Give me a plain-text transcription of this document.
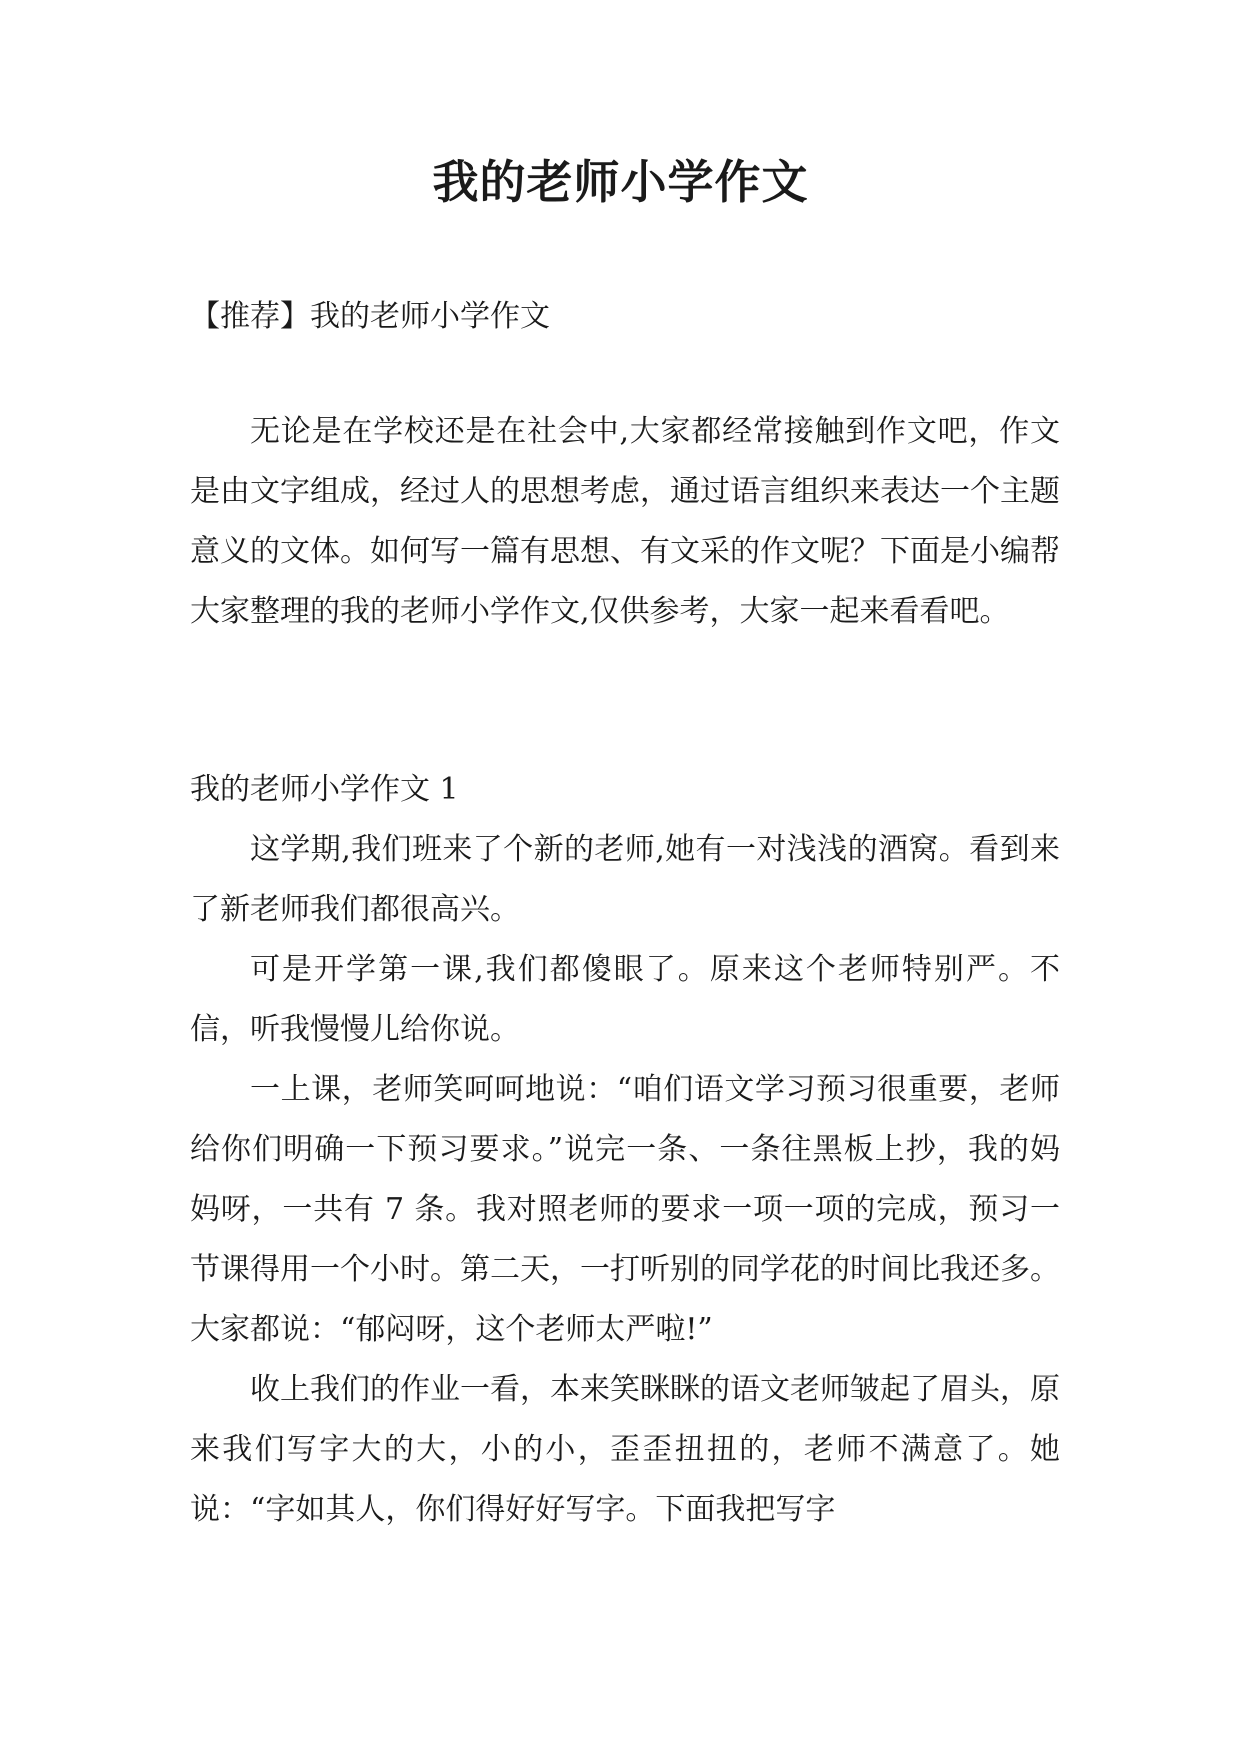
我的老师小学作文
【推荐】我的老师小学作文

无论是在学校还是在社会中,大家都经常接触到作文吧，作文是由文字组成，经过人的思想考虑，通过语言组织来表达一个主题意义的文体。如何写一篇有思想、有文采的作文呢？下面是小编帮大家整理的我的老师小学作文,仅供参考，大家一起来看看吧。

我的老师小学作文 1

这学期,我们班来了个新的老师,她有一对浅浅的酒窝。看到来了新老师我们都很高兴。

可是开学第一课,我们都傻眼了。原来这个老师特别严。不信，听我慢慢儿给你说。

一上课，老师笑呵呵地说：“咱们语文学习预习很重要，老师给你们明确一下预习要求。”说完一条、一条往黑板上抄，我的妈妈呀，一共有 7 条。我对照老师的要求一项一项的完成，预习一节课得用一个小时。第二天，一打听别的同学花的时间比我还多。大家都说：“郁闷呀，这个老师太严啦!”

收上我们的作业一看，本来笑眯眯的语文老师皱起了眉头，原来我们写字大的大，小的小，歪歪扭扭的，老师不满意了。她说：“字如其人，你们得好好写字。下面我把写字
